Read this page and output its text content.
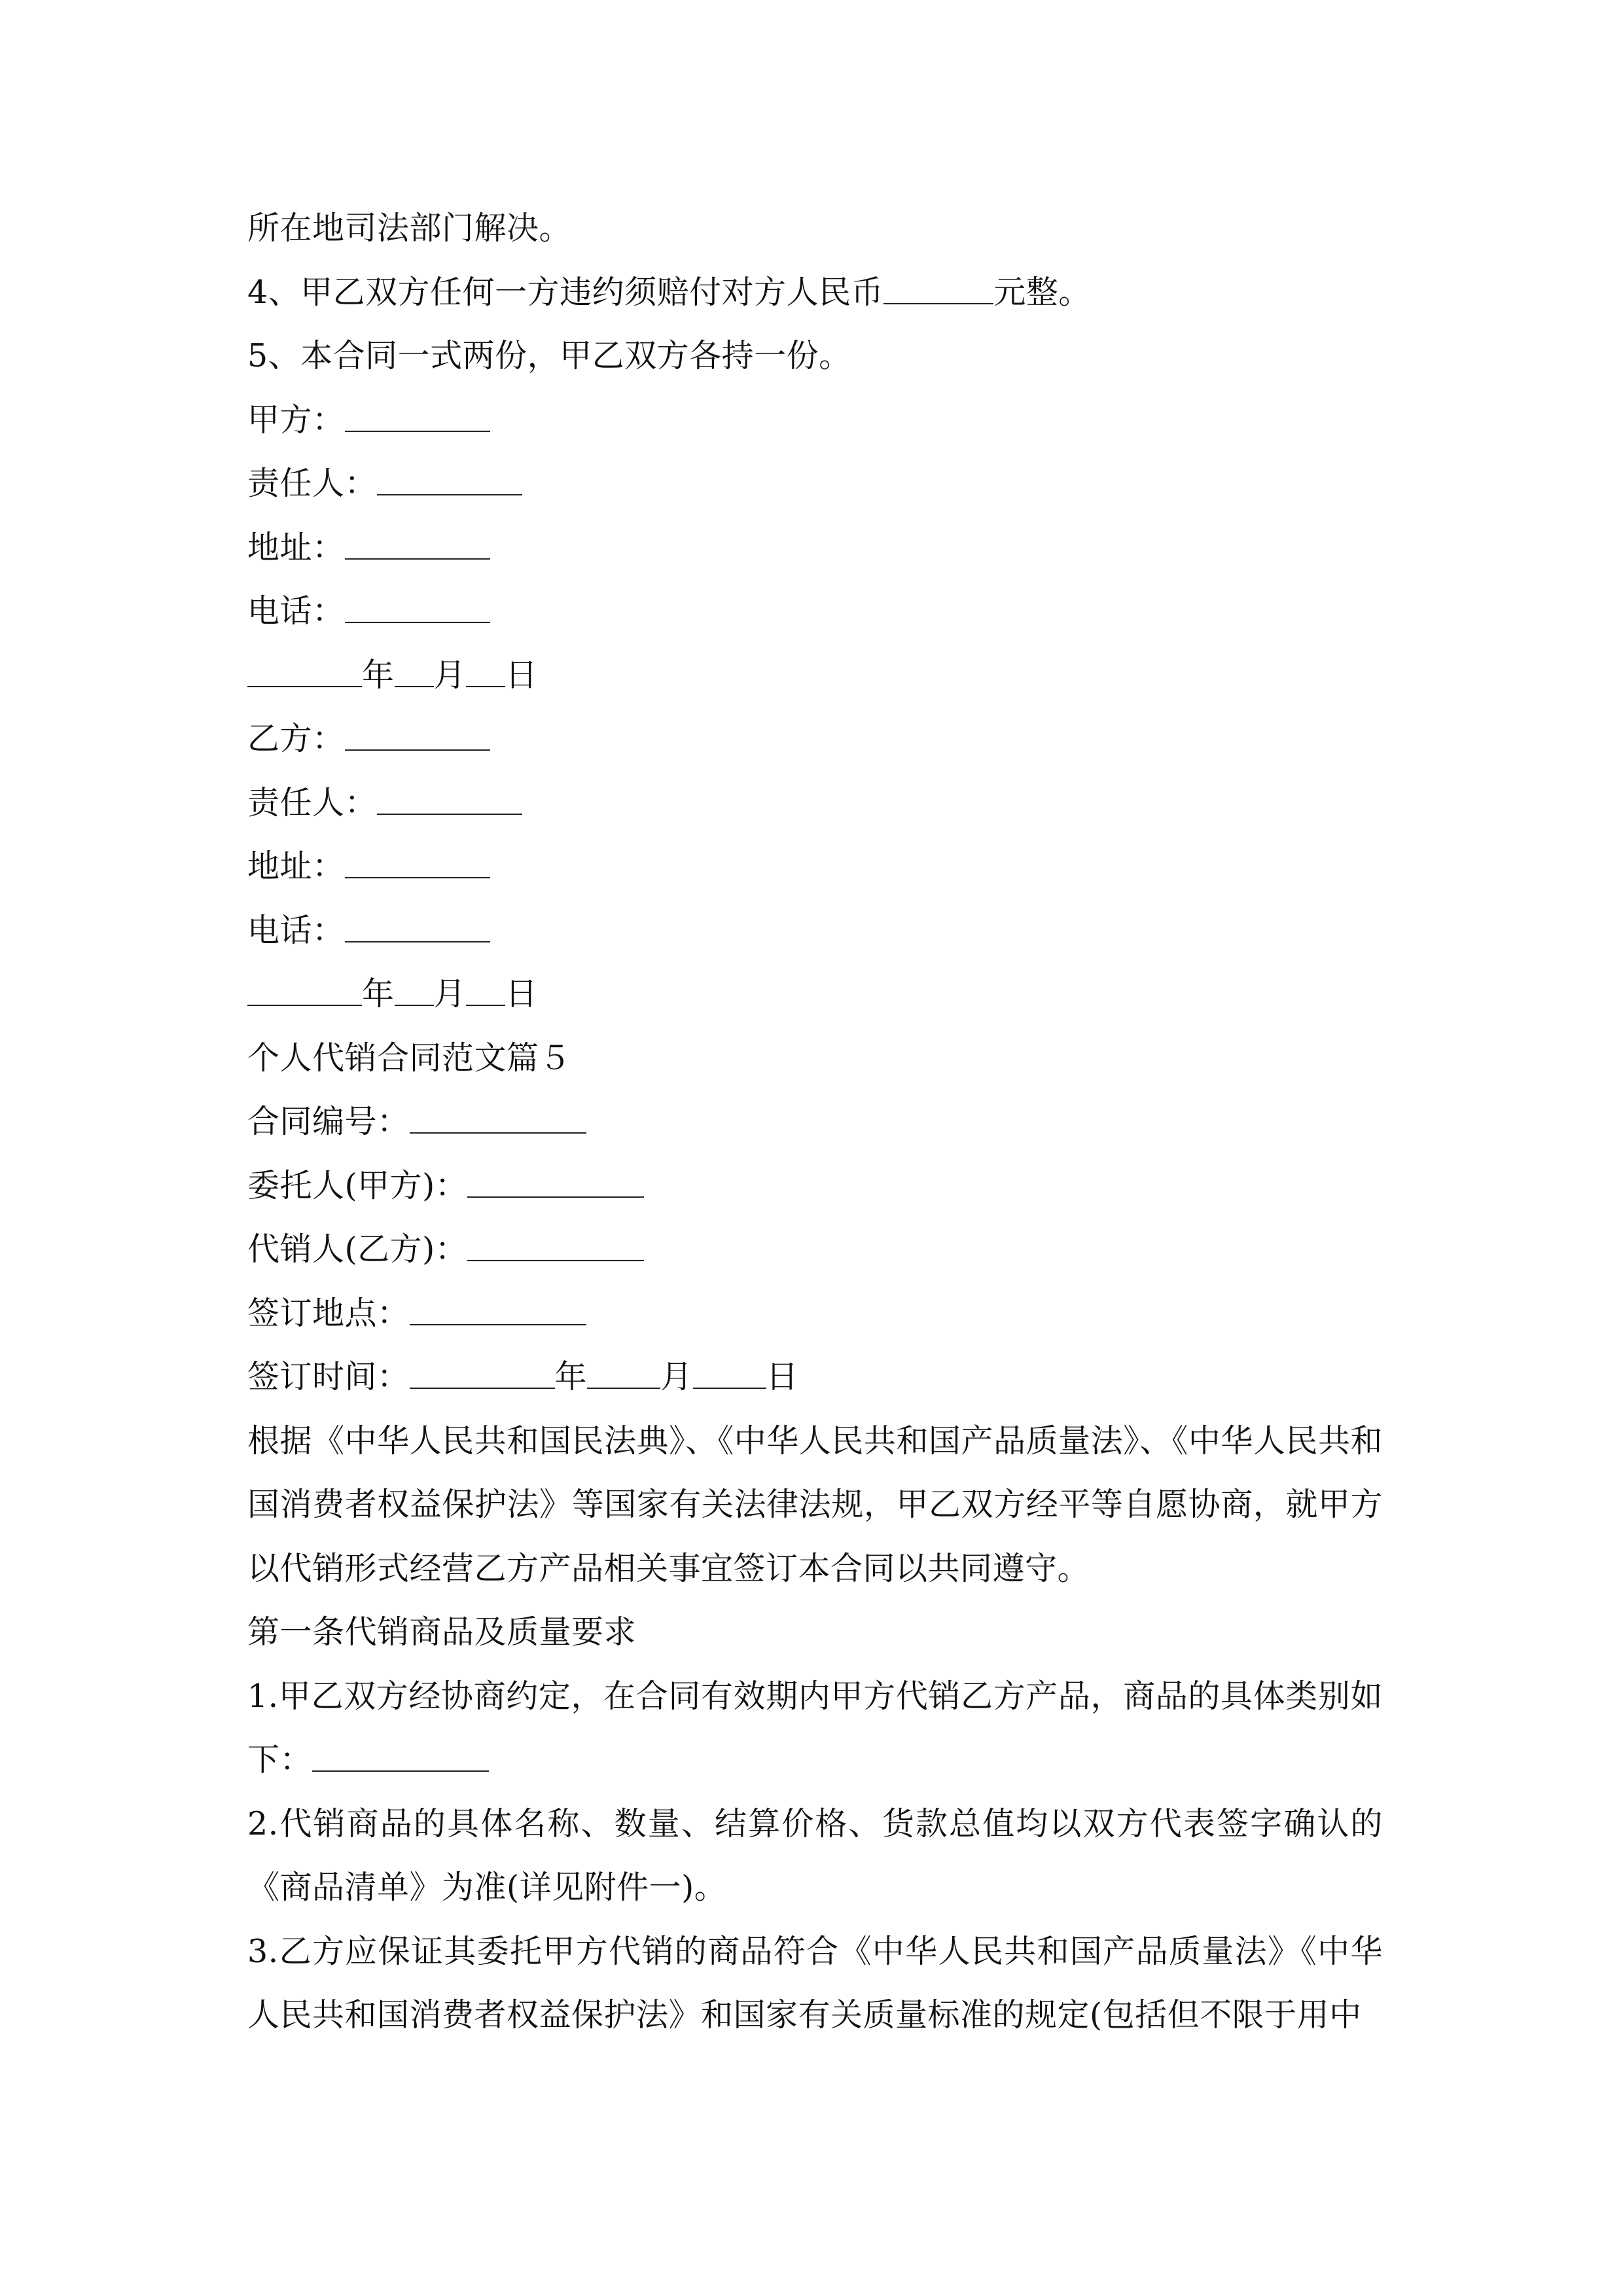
所在地司法部门解决。
4、甲乙双方任何一方违约须赔付对方人民币	元整。
5、本合同一式两份，甲乙双方各持一份。
甲方：
责任人：
地址：
电话：
年 月 日
乙方：
责任人：
地址：
电话：
年 月 日
个人代销合同范文篇５
合同编号：
委托人(甲方)：
代销人(乙方)：
签订地点：
签订时间：	年 月 日
根据《中华人民共和国民法典》、《中华人民共和国产品质量法》、《中华人民共和国消费者权益保护法》等国家有关法律法规，甲乙双方经平等自愿协商，就甲方以代销形式经营乙方产品相关事宜签订本合同以共同遵守。
第一条代销商品及质量要求
1.甲乙双方经协商约定，在合同有效期内甲方代销乙方产品，商品的具体类别如下：
2.代销商品的具体名称、数量、结算价格、货款总值均以双方代表签字确认的《商品清单》为准(详见附件一)。
3.乙方应保证其委托甲方代销的商品符合《中华人民共和国产品质量法》《中华人民共和国消费者权益保护法》和国家有关质量标准的规定(包括但不限于用中
